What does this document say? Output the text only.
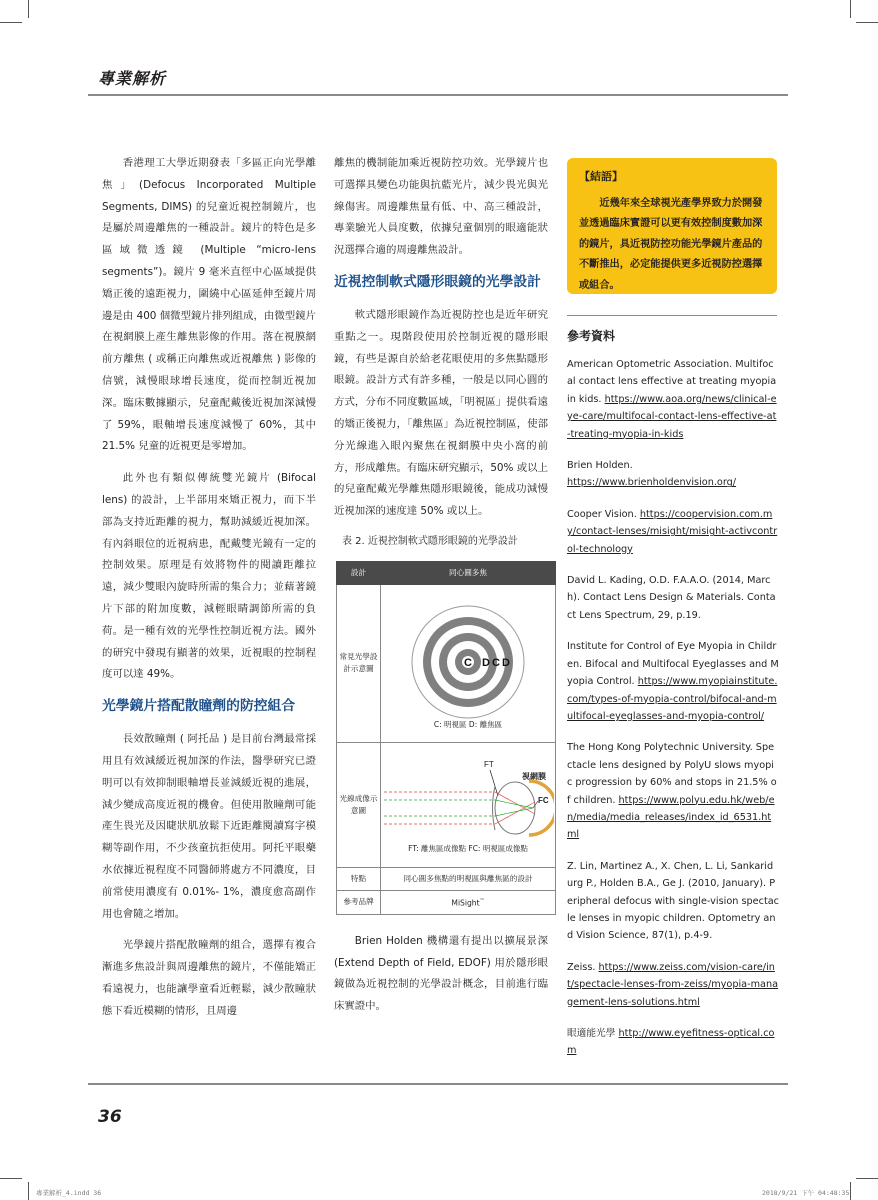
專業解析

香港理工大學近期發表「多區正向光學離焦」(Defocus Incorporated Multiple Segments, DIMS) 的兒童近視控制鏡片，也是屬於周邊離焦的一種設計。鏡片的特色是多區域微透鏡 (Multiple “micro-lens segments”)。鏡片 9 毫米直徑中心區域提供矯正後的遠距視力，圍繞中心區延伸至鏡片周邊是由 400 個微型鏡片排列組成，由微型鏡片在視網膜上產生離焦影像的作用。落在視膜網前方離焦 ( 或稱正向離焦或近視離焦 ) 影像的信號，減慢眼球增長速度，從而控制近視加深。臨床數據顯示，兒童配戴後近視加深減慢了 59%，眼軸增長速度減慢了 60%，其中 21.5% 兒童的近視更是零增加。

此外也有類似傳統雙光鏡片 (Bifocal lens) 的設計，上半部用來矯正視力，而下半部為支持近距離的視力，幫助減緩近視加深。有內斜眼位的近視病患，配戴雙光鏡有一定的控制效果。原理是有效將物件的閱讀距離拉遠，減少雙眼內旋時所需的集合力；並藉著鏡片下部的附加度數，減輕眼睛調節所需的負荷。是一種有效的光學性控制近視方法。國外的研究中發現有顯著的效果，近視眼的控制程度可以達 49%。

光學鏡片搭配散瞳劑的防控組合

長效散瞳劑 ( 阿托品 ) 是目前台灣最常採用且有效減緩近視加深的作法，醫學研究已證明可以有效抑制眼軸增長並減緩近視的進展，減少變成高度近視的機會。但使用散瞳劑可能產生畏光及因睫狀肌放鬆下近距離閱讀寫字模糊等副作用，不少孩童抗拒使用。阿托平眼藥水依據近視程度不同醫師將處方不同濃度，目前常使用濃度有 0.01%- 1%，濃度愈高副作用也會隨之增加。

光學鏡片搭配散瞳劑的組合，選擇有複合漸進多焦設計與周邊離焦的鏡片，不僅能矯正看遠視力，也能讓學童看近輕鬆，減少散瞳狀態下看近模糊的情形，且周邊

離焦的機制能加乘近視防控功效。光學鏡片也可選擇具變色功能與抗藍光片，減少畏光與光線傷害。周邊離焦量有低、中、高三種設計，專業驗光人員度數，依據兒童個別的眼適能狀況選擇合適的周邊離焦設計。

近視控制軟式隱形眼鏡的光學設計

軟式隱形眼鏡作為近視防控也是近年研究重點之一。現階段使用於控制近視的隱形眼鏡，有些是源自於給老花眼使用的多焦點隱形眼鏡。設計方式有許多種，一般是以同心圓的方式，分布不同度數區域，「明視區」提供看遠的矯正後視力，「離焦區」為近視控制區，使部分光線進入眼內聚焦在視網膜中央小窩的前方，形成離焦。有臨床研究顯示，50% 或以上的兒童配戴光學離焦隱形眼鏡後，能成功減慢近視加深的速度達 50% 或以上。

表 2. 近視控制軟式隱形眼鏡的光學設計
設計	同心圓多焦
常見光學設計示意圖	C D C D
C: 明視區 D: 離焦區

光線成像示意圖	FT
視網膜
FC
FT: 離焦區成像點 FC: 明視區成像點

特點	同心圓多焦點的明視區與離焦區的設計
參考品牌	MiSight™

Brien Holden 機構還有提出以擴展景深 (Extend Depth of Field, EDOF) 用於隱形眼鏡做為近視控制的光學設計概念，目前進行臨床實證中。

【結語】
近幾年來全球視光產學界致力於開發並透過臨床實證可以更有效控制度數加深的鏡片，具近視防控功能光學鏡片產品的不斷推出，必定能提供更多近視防控選擇或組合。
參考資料

American Optometric Association. Multifocal contact lens effective at treating myopia in kids. https://www.aoa.org/news/clinical-eye-care/multifocal-contact-lens-effective-at-treating-myopia-in-kids

Brien Holden.
https://www.brienholdenvision.org/

Cooper Vision. https://coopervision.com.my/contact-lenses/misight/misight-activcontrol-technology

David L. Kading, O.D. F.A.A.O. (2014, March). Contact Lens Design & Materials. Contact Lens Spectrum, 29, p.19.

Institute for Control of Eye Myopia in Children. Bifocal and Multifocal Eyeglasses and Myopia Control. https://www.myopiainstitute.com/types-of-myopia-control/bifocal-and-multifocal-eyeglasses-and-myopia-control/

The Hong Kong Polytechnic University. Spectacle lens designed by PolyU slows myopic progression by 60% and stops in 21.5% of children. https://www.polyu.edu.hk/web/en/media/media_releases/index_id_6531.html

Z. Lin, Martinez A., X. Chen, L. Li, Sankaridurg P., Holden B.A., Ge J. (2010, January). Peripheral defocus with single-vision spectacle lenses in myopic children. Optometry and Vision Science, 87(1), p.4-9.

Zeiss. https://www.zeiss.com/vision-care/int/spectacle-lenses-from-zeiss/myopia-management-lens-solutions.html

眼適能光學 http://www.eyefitness-optical.com

36
專業解析_4.indd 36	2018/9/21 下午 04:48:35
